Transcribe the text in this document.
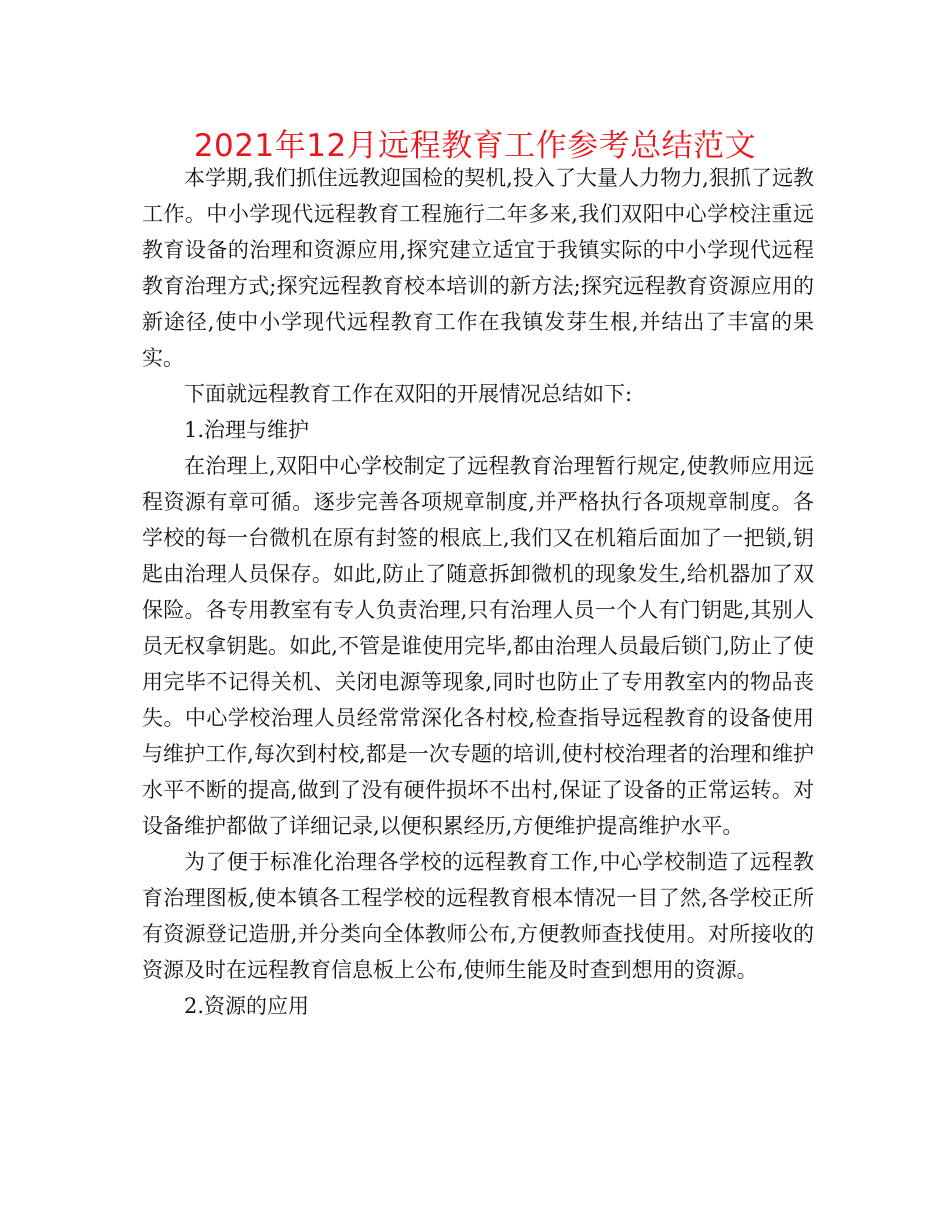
2021年12月远程教育工作参考总结范文

本学期,我们抓住远教迎国检的契机,投入了大量人力物力,狠抓了远教工作。中小学现代远程教育工程施行二年多来,我们双阳中心学校注重远教育设备的治理和资源应用,探究建立适宜于我镇实际的中小学现代远程教育治理方式;探究远程教育校本培训的新方法;探究远程教育资源应用的新途径,使中小学现代远程教育工作在我镇发芽生根,并结出了丰富的果实。

下面就远程教育工作在双阳的开展情况总结如下:

1.治理与维护

在治理上,双阳中心学校制定了远程教育治理暂行规定,使教师应用远程资源有章可循。逐步完善各项规章制度,并严格执行各项规章制度。各学校的每一台微机在原有封签的根底上,我们又在机箱后面加了一把锁,钥匙由治理人员保存。如此,防止了随意拆卸微机的现象发生,给机器加了双保险。各专用教室有专人负责治理,只有治理人员一个人有门钥匙,其别人员无权拿钥匙。如此,不管是谁使用完毕,都由治理人员最后锁门,防止了使用完毕不记得关机、关闭电源等现象,同时也防止了专用教室内的物品丧失。中心学校治理人员经常常深化各村校,检查指导远程教育的设备使用与维护工作,每次到村校,都是一次专题的培训,使村校治理者的治理和维护水平不断的提高,做到了没有硬件损坏不出村,保证了设备的正常运转。对设备维护都做了详细记录,以便积累经历,方便维护提高维护水平。

为了便于标准化治理各学校的远程教育工作,中心学校制造了远程教育治理图板,使本镇各工程学校的远程教育根本情况一目了然,各学校正所有资源登记造册,并分类向全体教师公布,方便教师查找使用。对所接收的资源及时在远程教育信息板上公布,使师生能及时查到想用的资源。

2.资源的应用
